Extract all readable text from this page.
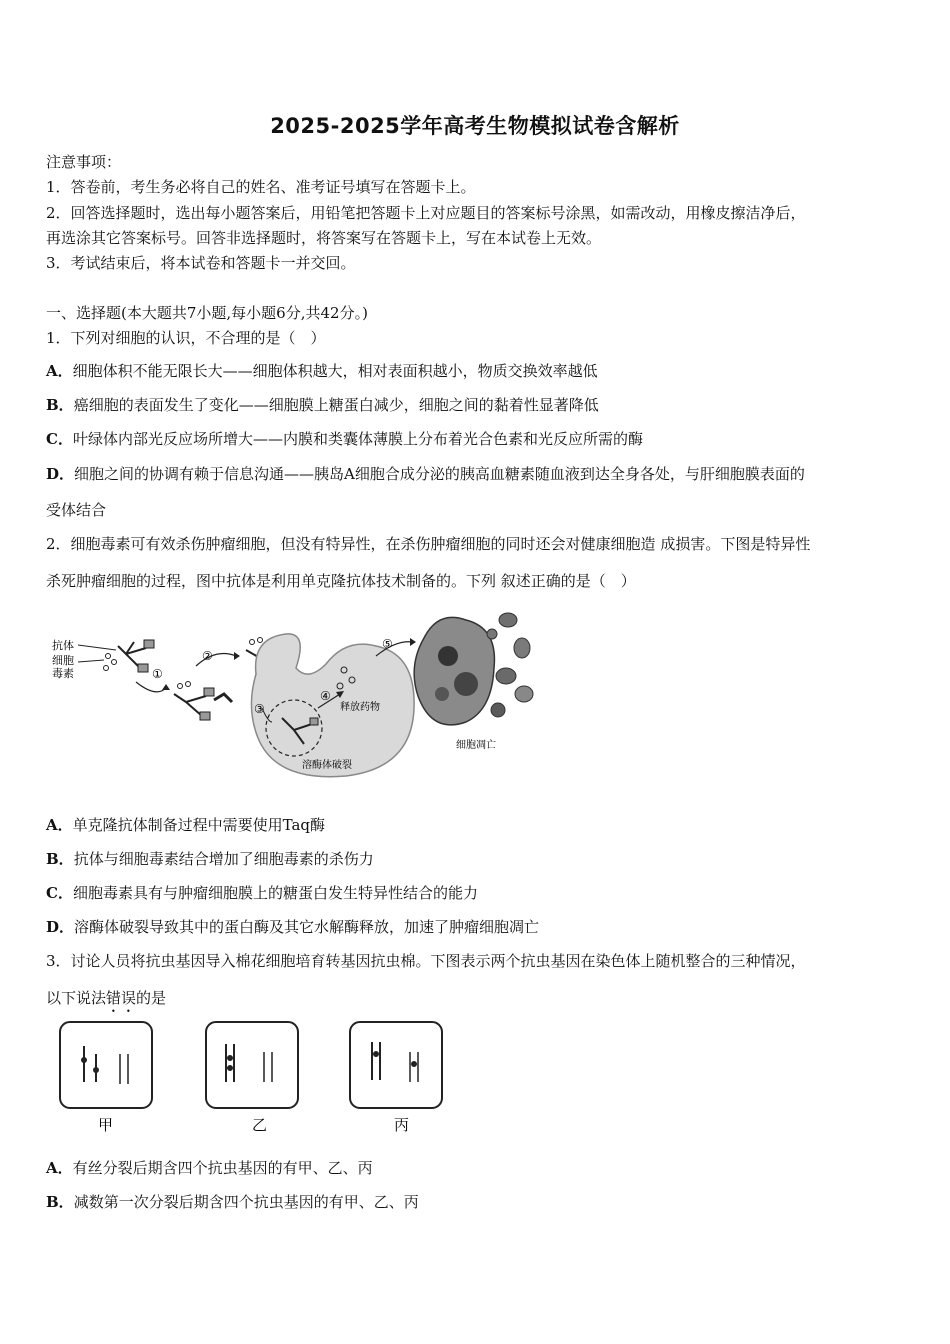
2025-2025学年高考生物模拟试卷含解析
注意事项：
1．答卷前，考生务必将自己的姓名、准考证号填写在答题卡上。
2．回答选择题时，选出每小题答案后，用铅笔把答题卡上对应题目的答案标号涂黑，如需改动，用橡皮擦洁净后，
再选涂其它答案标号。回答非选择题时，将答案写在答题卡上，写在本试卷上无效。
3．考试结束后，将本试卷和答题卡一并交回。
一、选择题(本大题共7小题,每小题6分,共42分。)
1．下列对细胞的认识，不合理的是（　）
A．细胞体积不能无限长大——细胞体积越大，相对表面积越小，物质交换效率越低
B．癌细胞的表面发生了变化——细胞膜上糖蛋白减少，细胞之间的黏着性显著降低
C．叶绿体内部光反应场所增大——内膜和类囊体薄膜上分布着光合色素和光反应所需的酶
D．细胞之间的协调有赖于信息沟通——胰岛A细胞合成分泌的胰高血糖素随血液到达全身各处，与肝细胞膜表面的
受体结合
2．细胞毒素可有效杀伤肿瘤细胞，但没有特异性，在杀伤肿瘤细胞的同时还会对健康细胞造 成损害。下图是特异性
杀死肿瘤细胞的过程，图中抗体是利用单克隆抗体技术制备的。下列 叙述正确的是（　）
抗体
细胞
毒素	①
②
③
④
释放药物
溶酶体破裂
⑤
细胞凋亡
A．单克隆抗体制备过程中需要使用Taq酶
B．抗体与细胞毒素结合增加了细胞毒素的杀伤力
C．细胞毒素具有与肿瘤细胞膜上的糖蛋白发生特异性结合的能力
D．溶酶体破裂导致其中的蛋白酶及其它水解酶释放，加速了肿瘤细胞凋亡
3．讨论人员将抗虫基因导入棉花细胞培育转基因抗虫棉。下图表示两个抗虫基因在染色体上随机整合的三种情况，
以下说法错误的是
甲	乙	丙
A．有丝分裂后期含四个抗虫基因的有甲、乙、丙
B．减数第一次分裂后期含四个抗虫基因的有甲、乙、丙
